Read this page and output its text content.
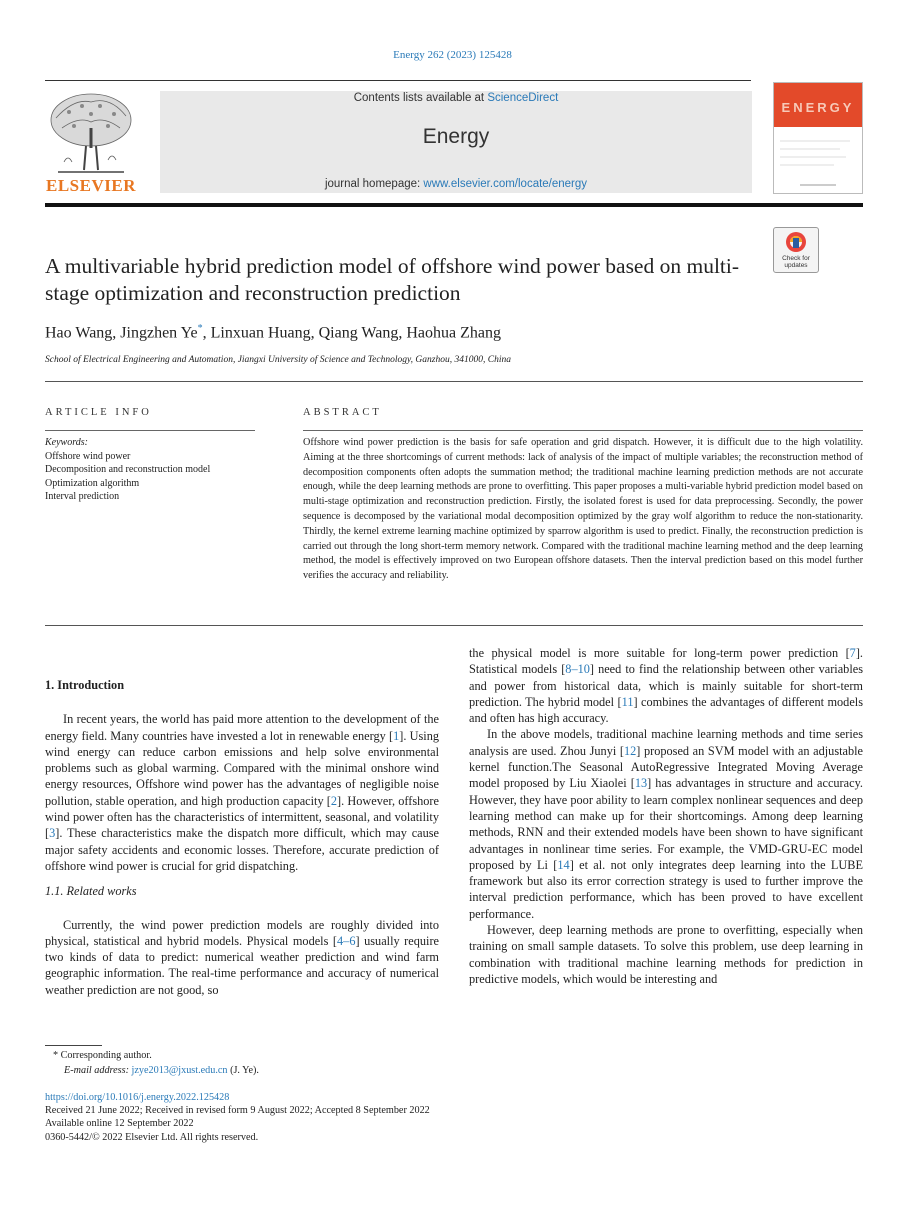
Energy 262 (2023) 125428
ELSEVIER
Contents lists available at ScienceDirect
Energy
journal homepage: www.elsevier.com/locate/energy
ENERGY
A multivariable hybrid prediction model of offshore wind power based on multi-stage optimization and reconstruction prediction
Check for
updates
Hao Wang, Jingzhen Ye*, Linxuan Huang, Qiang Wang, Haohua Zhang
School of Electrical Engineering and Automation, Jiangxi University of Science and Technology, Ganzhou, 341000, China
ARTICLE INFO	ABSTRACT
Keywords:
Offshore wind power
Decomposition and reconstruction model
Optimization algorithm
Interval prediction
Offshore wind power prediction is the basis for safe operation and grid dispatch. However, it is difficult due to the high volatility. Aiming at the three shortcomings of current methods: lack of analysis of the impact of multiple variables; the reconstruction method of decomposition components often adopts the summation method; the traditional machine learning prediction methods are not accurate enough, while the deep learning methods are prone to overfitting. This paper proposes a multi-variable hybrid prediction model based on multi-stage optimization and reconstruction prediction. Firstly, the isolated forest is used for data preprocessing. Secondly, the power sequence is decomposed by the variational modal decomposition optimized by the gray wolf algorithm to reduce the non-stationarity. Thirdly, the kernel extreme learning machine optimized by sparrow algorithm is used to predict. Finally, the reconstruction prediction is carried out through the long short-term memory network. Compared with the traditional machine learning method and the deep learning method, the model is effectively improved on two European offshore datasets. Then the interval prediction based on this model further verifies the accuracy and reliability.

1. Introduction

In recent years, the world has paid more attention to the development of the energy field. Many countries have invested a lot in renewable energy [1]. Using wind energy can reduce carbon emissions and help solve environmental problems such as global warming. Compared with the minimal onshore wind energy resources, Offshore wind power has the advantages of negligible noise pollution, stable operation, and high production capacity [2]. However, offshore wind power often has the characteristics of intermittent, seasonal, and volatility [3]. These characteristics make the dispatch more difficult, which may cause major safety accidents and economic losses. Therefore, accurate prediction of offshore wind power is crucial for grid dispatching.

1.1. Related works

Currently, the wind power prediction models are roughly divided into physical, statistical and hybrid models. Physical models [4–6] usually require two kinds of data to predict: numerical weather prediction and wind farm geographic information. The real-time performance and accuracy of numerical weather prediction are not good, so

the physical model is more suitable for long-term power prediction [7]. Statistical models [8–10] need to find the relationship between other variables and power from historical data, which is mainly suitable for short-term prediction. The hybrid model [11] combines the advantages of different models and often has high accuracy.

In the above models, traditional machine learning methods and time series analysis are used. Zhou Junyi [12] proposed an SVM model with an adjustable kernel function.The Seasonal AutoRegressive Integrated Moving Average model proposed by Liu Xiaolei [13] has advantages in structure and accuracy. However, they have poor ability to learn complex nonlinear sequences and deep learning method can make up for their shortcomings. Among deep learning methods, RNN and their extended models have been shown to have significant advantages in nonlinear time series. For example, the VMD-GRU-EC model proposed by Li [14] et al. not only integrates deep learning into the LUBE framework but also its error correction strategy is used to further improve the interval prediction performance, which has been proved to have excellent performance.

However, deep learning methods are prone to overfitting, especially when training on small sample datasets. To solve this problem, use deep learning in combination with traditional machine learning methods for prediction in predictive models, which would be interesting and

* Corresponding author.
E-mail address: jzye2013@jxust.edu.cn (J. Ye).
https://doi.org/10.1016/j.energy.2022.125428
Received 21 June 2022; Received in revised form 9 August 2022; Accepted 8 September 2022
Available online 12 September 2022
0360-5442/© 2022 Elsevier Ltd. All rights reserved.
